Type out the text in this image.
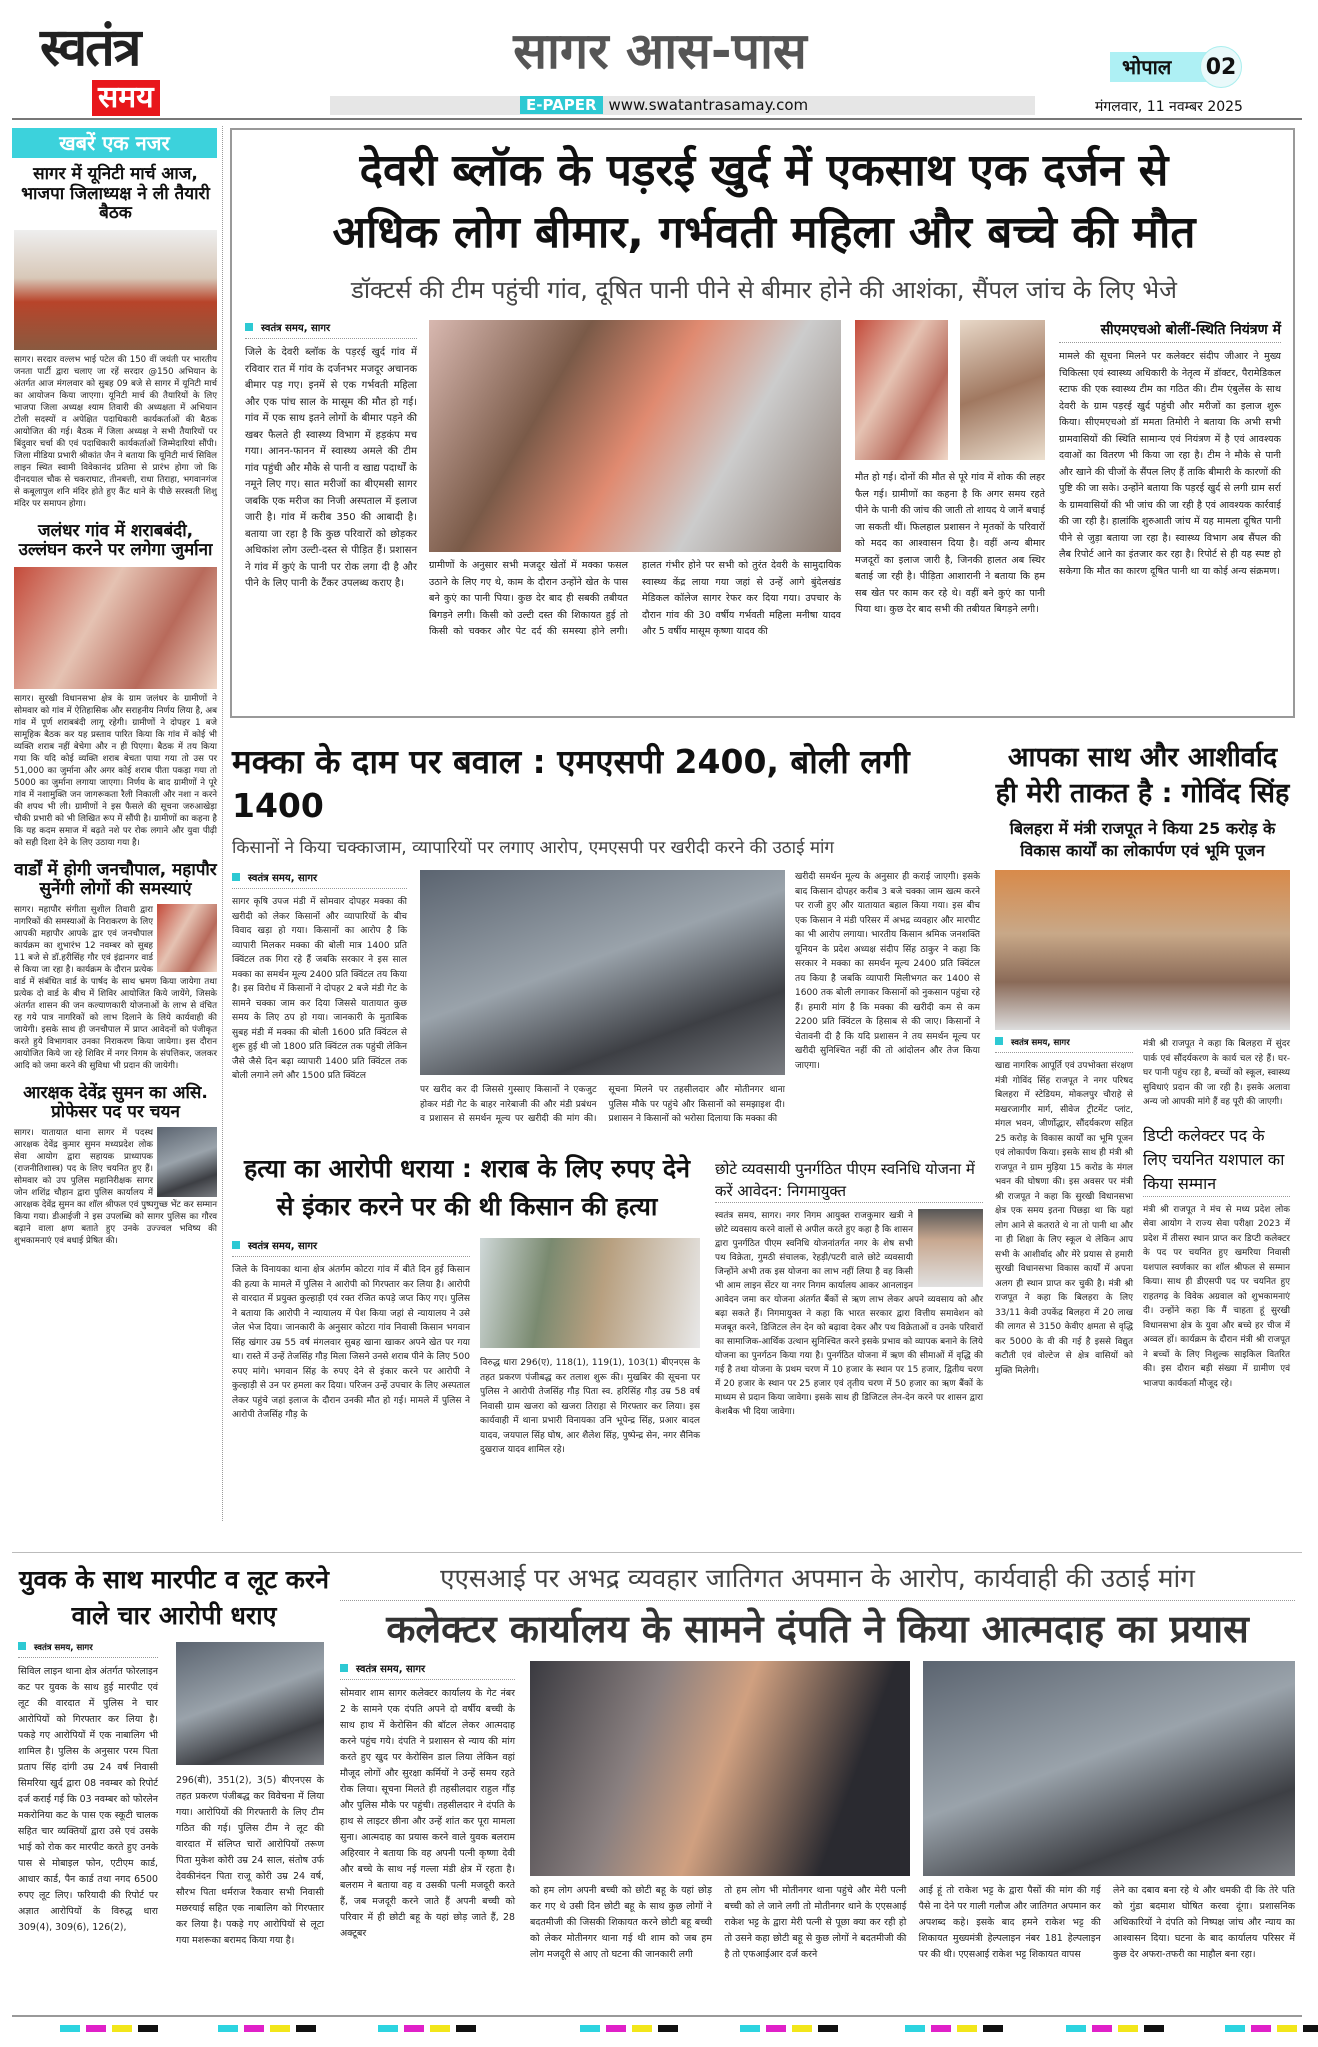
स्वतंत्र
समय
सागर आस-पास
E-PAPER www.swatantrasamay.com
भोपाल	02
मंगलवार, 11 नवम्बर 2025
खबरें एक नजर
सागर में यूनिटी मार्च आज, भाजपा जिलाध्यक्ष ने ली तैयारी बैठक
सागर। सरदार वल्लभ भाई पटेल की 150 वीं जयंती पर भारतीय जनता पार्टी द्वारा चलाए जा रहें सरदार @150 अभियान के अंतर्गत आज मंगलवार को सुबह 09 बजे से सागर में यूनिटी मार्च का आयोजन किया जाएगा। यूनिटी मार्च की तैयारियों के लिए भाजपा जिला अध्यक्ष श्याम तिवारी की अध्यक्षता में अभियान टोली सदस्यों व अपेक्षित पदाधिकारी कार्यकर्ताओं की बैठक आयोजित की गई। बैठक में जिला अध्यक्ष ने सभी तैयारियों पर बिंदुवार चर्चा की एवं पदाधिकारी कार्यकर्ताओं जिम्मेदारियां सौंपी। जिला मीडिया प्रभारी श्रीकांत जैन ने बताया कि यूनिटी मार्च सिविल लाइन स्थित स्वामी विवेकानंद प्रतिमा से प्रारंभ होगा जो कि दीनदयाल चौक से चकराघाट, तीनबत्ती, राधा तिराहा, भगवानगंज से कबूलापुल शनि मंदिर होते हुए कैंट थाने के पीछे सरस्वती शिशु मंदिर पर समापन होगा।
जलंधर गांव में शराबबंदी, उल्लंघन करने पर लगेगा जुर्माना
सागर। सुरखी विधानसभा क्षेत्र के ग्राम जलंधर के ग्रामीणों ने सोमवार को गांव में ऐतिहासिक और सराहनीय निर्णय लिया है, अब गांव में पूर्ण शराबबंदी लागू रहेगी। ग्रामीणों ने दोपहर 1 बजे सामूहिक बैठक कर यह प्रस्ताव पारित किया कि गांव में कोई भी व्यक्ति शराब नहीं बेचेगा और न ही पिएगा। बैठक में तय किया गया कि यदि कोई व्यक्ति शराब बेचता पाया गया तो उस पर 51,000 का जुर्माना और अगर कोई शराब पीता पकड़ा गया तो 5000 का जुर्माना लगाया जाएगा। निर्णय के बाद ग्रामीणों ने पूरे गांव में नशामुक्ति जन जागरूकता रैली निकाली और नशा न करने की शपथ भी ली। ग्रामीणों ने इस फैसले की सूचना जरुआखेड़ा चौकी प्रभारी को भी लिखित रूप में सौंपी है। ग्रामीणों का कहना है कि यह कदम समाज में बढ़ते नशे पर रोक लगाने और युवा पीढ़ी को सही दिशा देने के लिए उठाया गया है।
वार्डों में होगी जनचौपाल, महापौर सुनेंगी लोगों की समस्याएं
सागर। महापौर संगीता सुशील तिवारी द्वारा नागरिकों की समस्याओं के निराकरण के लिए आपकी महापौर आपके द्वार एवं जनचौपाल कार्यक्रम का शुभारंभ 12 नवम्बर को सुबह 11 बजे से डॉ.हरीसिंह गौर एवं इंद्रानगर वार्ड से किया जा रहा है। कार्यक्रम के दौरान प्रत्येक वार्ड में संबंधित वार्ड के पार्षद के साथ भ्रमण किया जायेगा तथा प्रत्येक दो वार्ड के बीच में शिविर आयोजित किये जायेंगे, जिसके अंतर्गत शासन की जन कल्याणकारी योजनाओं के लाभ से वंचित रह गये पात्र नागरिकों को लाभ दिलाने के लिये कार्यवाही की जायेगी। इसके साथ ही जनचौपाल में प्राप्त आवेदनों को पंजीकृत करते हुये विभागवार उनका निराकरण किया जायेगा। इस दौरान आयोजित किये जा रहे शिविर में नगर निगम के संपत्तिकर, जलकर आदि को जमा करने की सुविधा भी प्रदान की जायेगी।
आरक्षक देवेंद्र सुमन का असि. प्रोफेसर पद पर चयन
सागर। यातायात थाना सागर में पदस्थ आरक्षक देवेंद्र कुमार सुमन मध्यप्रदेश लोक सेवा आयोग द्वारा सहायक प्राध्यापक (राजनीतिशास्त्र) पद के लिए चयनित हुए हैं। सोमवार को उप पुलिस महानिरीक्षक सागर जोन शशिंद्र चौहान द्वारा पुलिस कार्यालय में आरक्षक देवेंद्र सुमन का शॉल श्रीफल एवं पुष्पगुच्छ भेंट कर सम्मान किया गया। डीआईजी ने इस उपलब्धि को सागर पुलिस का गौरव बढ़ाने वाला क्षण बताते हुए उनके उज्ज्वल भविष्य की शुभकामनाएं एवं बधाई प्रेषित की।
देवरी ब्लॉक के पड़रई खुर्द में एकसाथ एक दर्जन से
अधिक लोग बीमार, गर्भवती महिला और बच्चे की मौत
डॉक्टर्स की टीम पहुंची गांव, दूषित पानी पीने से बीमार होने की आशंका, सैंपल जांच के लिए भेजे
स्वतंत्र समय, सागर
जिले के देवरी ब्लॉक के पड़रई खुर्द गांव में रविवार रात में गांव के दर्जनभर मजदूर अचानक बीमार पड़ गए। इनमें से एक गर्भवती महिला और एक पांच साल के मासूम की मौत हो गई। गांव में एक साथ इतने लोगों के बीमार पड़ने की खबर फैलते ही स्वास्थ्य विभाग में हड़कंप मच गया। आनन-फानन में स्वास्थ्य अमले की टीम गांव पहुंची और मौके से पानी व खाद्य पदार्थों के नमूने लिए गए। सात मरीजों का बीएमसी सागर जबकि एक मरीज का निजी अस्पताल में इलाज जारी है। गांव में करीब 350 की आबादी है। बताया जा रहा है कि कुछ परिवारों को छोड़कर अधिकांश लोग उल्टी-दस्त से पीड़ित हैं। प्रशासन ने गांव में कुएं के पानी पर रोक लगा दी है और पीने के लिए पानी के टैंकर उपलब्ध कराए है।
ग्रामीणों के अनुसार सभी मजदूर खेतों में मक्का फसल उठाने के लिए गए थे, काम के दौरान उन्होंने खेत के पास बने कुएं का पानी पिया। कुछ देर बाद ही सबकी तबीयत बिगड़ने लगी। किसी को उल्टी दस्त की शिकायत हुई तो किसी को चक्कर और पेट दर्द की समस्या होने लगी। हालत गंभीर होने पर सभी को तुरंत देवरी के सामुदायिक स्वास्थ्य केंद्र लाया गया जहां से उन्हें आगे बुंदेलखंड मेडिकल कॉलेज सागर रेफर कर दिया गया। उपचार के दौरान गांव की 30 वर्षीय गर्भवती महिला मनीषा यादव और 5 वर्षीय मासूम कृष्णा यादव की
मौत हो गई। दोनों की मौत से पूरे गांव में शोक की लहर फैल गई। ग्रामीणों का कहना है कि अगर समय रहते पीने के पानी की जांच की जाती तो शायद ये जानें बचाई जा सकती थीं। फिलहाल प्रशासन ने मृतकों के परिवारों को मदद का आश्वासन दिया है। वहीं अन्य बीमार मजदूरों का इलाज जारी है, जिनकी हालत अब स्थिर बताई जा रही है। पीड़िता आशारानी ने बताया कि हम सब खेत पर काम कर रहे थे। वहीं बने कुएं का पानी पिया था। कुछ देर बाद सभी की तबीयत बिगड़ने लगी।
सीएमएचओ बोलीं-स्थिति नियंत्रण में
मामले की सूचना मिलने पर कलेक्टर संदीप जीआर ने मुख्य चिकित्सा एवं स्वास्थ्य अधिकारी के नेतृत्व में डॉक्टर, पैरामेडिकल स्टाफ की एक स्वास्थ्य टीम का गठित की। टीम एंबुलेंस के साथ देवरी के ग्राम पड़रई खुर्द पहुंची और मरीजों का इलाज शुरू किया। सीएमएचओ डॉ ममता तिमोरी ने बताया कि अभी सभी ग्रामवासियों की स्थिति सामान्य एवं नियंत्रण में है एवं आवश्यक दवाओं का वितरण भी किया जा रहा है। टीम ने मौके से पानी और खाने की चीजों के सैंपल लिए हैं ताकि बीमारी के कारणों की पुष्टि की जा सके। उन्होंने बताया कि पड़रई खुर्द से लगी ग्राम सर्रा के ग्रामवासियों की भी जांच की जा रही है एवं आवश्यक कार्रवाई की जा रही है। हालांकि शुरुआती जांच में यह मामला दूषित पानी पीने से जुड़ा बताया जा रहा है। स्वास्थ्य विभाग अब सैंपल की लैब रिपोर्ट आने का इंतजार कर रहा है। रिपोर्ट से ही यह स्पष्ट हो सकेगा कि मौत का कारण दूषित पानी था या कोई अन्य संक्रमण।
मक्का के दाम पर बवाल : एमएसपी 2400, बोली लगी 1400
किसानों ने किया चक्काजाम, व्यापारियों पर लगाए आरोप, एमएसपी पर खरीदी करने की उठाई मांग
स्वतंत्र समय, सागर
सागर कृषि उपज मंडी में सोमवार दोपहर मक्का की खरीदी को लेकर किसानों और व्यापारियों के बीच विवाद खड़ा हो गया। किसानों का आरोप है कि व्यापारी मिलकर मक्का की बोली मात्र 1400 प्रति क्विंटल तक गिरा रहे हैं जबकि सरकार ने इस साल मक्का का समर्थन मूल्य 2400 प्रति क्विंटल तय किया है। इस विरोध में किसानों ने दोपहर 2 बजे मंडी गेट के सामने चक्का जाम कर दिया जिससे यातायात कुछ समय के लिए ठप हो गया। जानकारी के मुताबिक सुबह मंडी में मक्का की बोली 1600 प्रति क्विंटल से शुरू हुई थी जो 1800 प्रति क्विंटल तक पहुंची लेकिन जैसे जैसे दिन बढ़ा व्यापारी 1400 प्रति क्विंटल तक बोली लगाने लगे और 1500 प्रति क्विंटल
पर खरीद कर दी जिससे गुस्साए किसानों ने एकजुट होकर मंडी गेट के बाहर नारेबाजी की और मंडी प्रबंधन व प्रशासन से समर्थन मूल्य पर खरीदी की मांग की। सूचना मिलने पर तहसीलदार और मोतीनगर थाना पुलिस मौके पर पहुंचे और किसानों को समझाइश दी। प्रशासन ने किसानों को भरोसा दिलाया कि मक्का की
खरीदी समर्थन मूल्य के अनुसार ही कराई जाएगी। इसके बाद किसान दोपहर करीब 3 बजे चक्का जाम खत्म करने पर राजी हुए और यातायात बहाल किया गया। इस बीच एक किसान ने मंडी परिसर में अभद्र व्यवहार और मारपीट का भी आरोप लगाया। भारतीय किसान श्रमिक जनशक्ति यूनियन के प्रदेश अध्यक्ष संदीप सिंह ठाकुर ने कहा कि सरकार ने मक्का का समर्थन मूल्य 2400 प्रति क्विंटल तय किया है जबकि व्यापारी मिलीभगत कर 1400 से 1600 तक बोली लगाकर किसानों को नुकसान पहुंचा रहे हैं। हमारी मांग है कि मक्का की खरीदी कम से कम 2200 प्रति क्विंटल के हिसाब से की जाए। किसानों ने चेतावनी दी है कि यदि प्रशासन ने तय समर्थन मूल्य पर खरीदी सुनिश्चित नहीं की तो आंदोलन और तेज किया जाएगा।
आपका साथ और आशीर्वाद ही मेरी ताकत है : गोविंद सिंह
बिलहरा में मंत्री राजपूत ने किया 25 करोड़ के विकास कार्यों का लोकार्पण एवं भूमि पूजन
स्वतंत्र समय, सागर
खाद्य नागरिक आपूर्ति एवं उपभोक्ता संरक्षण मंत्री गोविंद सिंह राजपूत ने नगर परिषद बिलहरा में स्टेडियम, मोकलपुर चौराहे से मखरजागीर मार्ग, सीवेज ट्रीटमेंट प्लांट, मंगल भवन, जीर्णोद्धार, सौंदर्यकरण सहित 25 करोड़ के विकास कार्यों का भूमि पूजन एवं लोकार्पण किया। इसके साथ ही मंत्री श्री राजपूत ने ग्राम मुड़िया 15 करोड के मंगल भवन की घोषणा की। इस अवसर पर मंत्री श्री राजपूत ने कहा कि सुरखी विधानसभा क्षेत्र एक समय इतना पिछड़ा था कि यहां लोग आने से कतराते थे ना तो पानी था और ना ही शिक्षा के लिए स्कूल थे लेकिन आप सभी के आशीर्वाद और मेरे प्रयास से हमारी सुरखी विधानसभा विकास कार्यों में अपना अलग ही स्थान प्राप्त कर चुकी है। मंत्री श्री राजपूत ने कहा कि बिलहरा के लिए 33/11 केवी उपकेंद्र बिलहरा में 20 लाख की लागत से 3150 केवीए क्षमता से वृद्धि कर 5000 के वी की गई है इससे विद्युत कटौती एवं वोल्टेज से क्षेत्र वासियों को मुक्ति मिलेगी।
मंत्री श्री राजपूत ने कहा कि बिलहरा में सुंदर पार्क एवं सौंदर्यकरण के कार्य चल रहे हैं। घर-घर पानी पहुंच रहा है, बच्चों को स्कूल, स्वास्थ्य सुविधाएं प्रदान की जा रही है। इसके अलावा अन्य जो आपकी मांगे हैं वह पूरी की जाएगी।
डिप्टी कलेक्टर पद के लिए चयनित यशपाल का किया सम्मान
मंत्री श्री राजपूत ने मंच से मध्य प्रदेश लोक सेवा आयोग ने राज्य सेवा परीक्षा 2023 में प्रदेश में तीसरा स्थान प्राप्त कर डिप्टी कलेक्टर के पद पर चयनित हुए खमरिया निवासी यशपाल स्वर्णकार का शॉल श्रीफल से सम्मान किया। साथ ही डीएसपी पद पर चयनित हुए राहतगढ़ के विवेक अग्रवाल को शुभकामनाएं दी। उन्होंने कहा कि मैं चाहता हूं सुरखी विधानसभा क्षेत्र के युवा और बच्चे हर चीज में अव्वल हों। कार्यक्रम के दौरान मंत्री श्री राजपूत ने बच्चों के लिए निशुल्क साइकिल वितरित की। इस दौरान बड़ी संख्या में ग्रामीण एवं भाजपा कार्यकर्ता मौजूद रहे।
हत्या का आरोपी धराया : शराब के लिए रुपए देने से इंकार करने पर की थी किसान की हत्या
स्वतंत्र समय, सागर
जिले के विनायका थाना क्षेत्र अंतर्गम कोटरा गांव में बीते दिन हुई किसान की हत्या के मामले में पुलिस ने आरोपी को गिरफ्तार कर लिया है। आरोपी से वारदात में प्रयुक्त कुल्हाड़ी एवं रक्त रंजित कपड़े जप्त किए गए। पुलिस ने बताया कि आरोपी ने न्यायालय में पेश किया जहां से न्यायालय ने उसे जेल भेज दिया। जानकारी के अनुसार कोटरा गांव निवासी किसान भगवान सिंह खंगार उम्र 55 वर्ष मंगलवार सुबह खाना खाकर अपने खेत पर गया था। रास्ते में उन्हें तेजसिंह गौड़ मिला जिसने उनसे शराब पीने के लिए 500 रुपए मांगे। भगवान सिंह के रुपए देने से इंकार करने पर आरोपी ने कुल्हाड़ी से उन पर हमला कर दिया। परिजन उन्हें उपचार के लिए अस्पताल लेकर पहुंचे जहां इलाज के दौरान उनकी मौत हो गई। मामले में पुलिस ने आरोपी तेजसिंह गौड़ के
विरुद्ध धारा 296(ए), 118(1), 119(1), 103(1) बीएनएस के तहत प्रकरण पंजीबद्ध कर तलाश शुरू की। मुखबिर की सूचना पर पुलिस ने आरोपी तेजसिंह गौड़ पिता स्व. हरिसिंह गौड़ उम्र 58 वर्ष निवासी ग्राम खजरा को खजरा तिराहा से गिरफ्तार कर लिया। इस कार्यवाही में थाना प्रभारी विनायका उनि भूपेन्द्र सिंह, प्रआर बादल यादव, जयपाल सिंह घोष, आर शैलेश सिंह, पुष्पेन्द्र सेन, नगर सैनिक दुखराज यादव शामिल रहे।
छोटे व्यवसायी पुनर्गठित पीएम स्वनिधि योजना में करें आवेदन: निगमायुक्त
स्वतंत्र समय, सागर। नगर निगम आयुक्त राजकुमार खत्री ने छोटे व्यवसाय करने वालों से अपील करते हुए कहा है कि शासन द्वारा पुनर्गठित पीएम स्वनिधि योजनांतर्गत नगर के शेष सभी पथ विक्रेता, गुमठी संचालक, रेहड़ी/पटरी वाले छोटे व्यवसायी जिन्होंने अभी तक इस योजना का लाभ नहीं लिया है वह किसी भी आम लाइन सेंटर या नगर निगम कार्यालय आकर आनलाइन आवेदन जमा कर योजना अंतर्गत बैंकों से ऋण लाभ लेकर अपने व्यवसाय को और बढ़ा सकते हैं। निगमायुक्त ने कहा कि भारत सरकार द्वारा वित्तीय समावेशन को मजबूत करने, डिजिटल लेन देन को बढ़ावा देकर और पथ विक्रेताओं व उनके परिवारों का सामाजिक-आर्थिक उत्थान सुनिश्चित करने इसके प्रभाव को व्यापक बनाने के लिये योजना का पुनर्गठन किया गया है। पुनर्गठित योजना में ऋण की सीमाओं में वृद्धि की गई है तथा योजना के प्रथम चरण में 10 हजार के स्थान पर 15 हजार, द्वितीय चरण में 20 हजार के स्थान पर 25 हजार एवं तृतीय चरण में 50 हजार का ऋण बैंकों के माध्यम से प्रदान किया जावेगा। इसके साथ ही डिजिटल लेन-देन करने पर शासन द्वारा केशबैक भी दिया जावेगा।
युवक के साथ मारपीट व लूट करने वाले चार आरोपी धराए
स्वतंत्र समय, सागर
सिविल लाइन थाना क्षेत्र अंतर्गत फोरलाइन कट पर युवक के साथ हुई मारपीट एवं लूट की वारदात में पुलिस ने चार आरोपियों को गिरफ्तार कर लिया है। पकड़े गए आरोपियों में एक नाबालिग भी शामिल है। पुलिस के अनुसार परम पिता प्रताप सिंह दांगी उम्र 24 वर्ष निवासी सिमरिया खुर्द द्वारा 08 नवम्बर को रिपोर्ट दर्ज कराई गई कि 03 नवम्बर को फोरलेन मकरोनिया कट के पास एक स्कूटी चालक सहित चार व्यक्तियों द्वारा उसे एवं उसके भाई को रोक कर मारपीट करते हुए उनके पास से मोबाइल फोन, एटीएम कार्ड, आधार कार्ड, पैन कार्ड तथा नगद 6500 रुपए लूट लिए। फरियादी की रिपोर्ट पर अज्ञात आरोपियों के विरुद्ध धारा 309(4), 309(6), 126(2),
296(बी), 351(2), 3(5) बीएनएस के तहत प्रकरण पंजीबद्ध कर विवेचना में लिया गया। आरोपियों की गिरफ्तारी के लिए टीम गठित की गई। पुलिस टीम ने लूट की वारदात में संलिप्त चारों आरोपियों तरूण पिता मुकेश कोरी उम्र 24 साल, संतोष उर्फ देवकीनंदन पिता राजू कोरी उम्र 24 वर्ष, सौरभ पिता धर्मराज रैकवार सभी निवासी मछरयाई सहित एक नाबालिग को गिरफ्तार कर लिया है। पकड़े गए आरोपियों से लूटा गया मशरूका बरामद किया गया है।
एएसआई पर अभद्र व्यवहार जातिगत अपमान के आरोप, कार्यवाही की उठाई मांग
कलेक्टर कार्यालय के सामने दंपति ने किया आत्मदाह का प्रयास
स्वतंत्र समय, सागर
सोमवार शाम सागर कलेक्टर कार्यालय के गेट नंबर 2 के सामने एक दंपति अपने दो वर्षीय बच्ची के साथ हाथ में केरोसिन की बॉटल लेकर आत्मदाह करने पहुंच गये। दंपति ने प्रशासन से न्याय की मांग करते हुए खुद पर केरोसिन डाल लिया लेकिन वहां मौजूद लोगों और सुरक्षा कर्मियों ने उन्हें समय रहते रोक लिया। सूचना मिलते ही तहसीलदार राहुल गौंड़ और पुलिस मौके पर पहुंची। तहसीलदार ने दंपति के हाथ से लाइटर छीना और उन्हें शांत कर पूरा मामला सुना। आत्मदाह का प्रयास करने वाले युवक बलराम अहिरवार ने बताया कि वह अपनी पत्नी कृष्णा देवी और बच्चे के साथ नई गल्ला मंडी क्षेत्र में रहता है। बलराम ने बताया वह व उसकी पत्नी मजदूरी करते हैं, जब मजदूरी करने जाते हैं अपनी बच्ची को परिवार में ही छोटी बहू के यहां छोड़ जाते हैं, 28 अक्टूबर
को हम लोग अपनी बच्ची को छोटी बहू के यहां छोड़ कर गए थे उसी दिन छोटी बहू के साथ कुछ लोगों ने बदतमीजी की जिसकी शिकायत करने छोटी बहू बच्ची को लेकर मोतीनगर थाना गई थी शाम को जब हम लोग मजदूरी से आए तो घटना की जानकारी लगी
तो हम लोग भी मोतीनगर थाना पहुंचे और मेरी पत्नी बच्ची को ले जाने लगी तो मोतीनगर थाने के एएसआई राकेश भट्ट के द्वारा मेरी पत्नी से पूछा क्या कर रही हो तो उसने कहा छोटी बहू से कुछ लोगों ने बदतमीजी की है तो एफआईआर दर्ज करने
आई हूं तो राकेश भट्ट के द्वारा पैसों की मांग की गई पैसे ना देने पर गाली गलौज और जातिगत अपमान कर अपशब्द कहे। इसके बाद हमने राकेश भट्ट की शिकायत मुख्यमंत्री हेल्पलाइन नंबर 181 हेल्पलाइन पर की थी। एएसआई राकेश भट्ट शिकायत वापस
लेने का दबाव बना रहे थे और धमकी दी कि तेरे पति को गुंडा बदमाश घोषित करवा दूंगा। प्रशासनिक अधिकारियों ने दंपति को निष्पक्ष जांच और न्याय का आश्वासन दिया। घटना के बाद कार्यालय परिसर में कुछ देर अफरा-तफरी का माहौल बना रहा।
